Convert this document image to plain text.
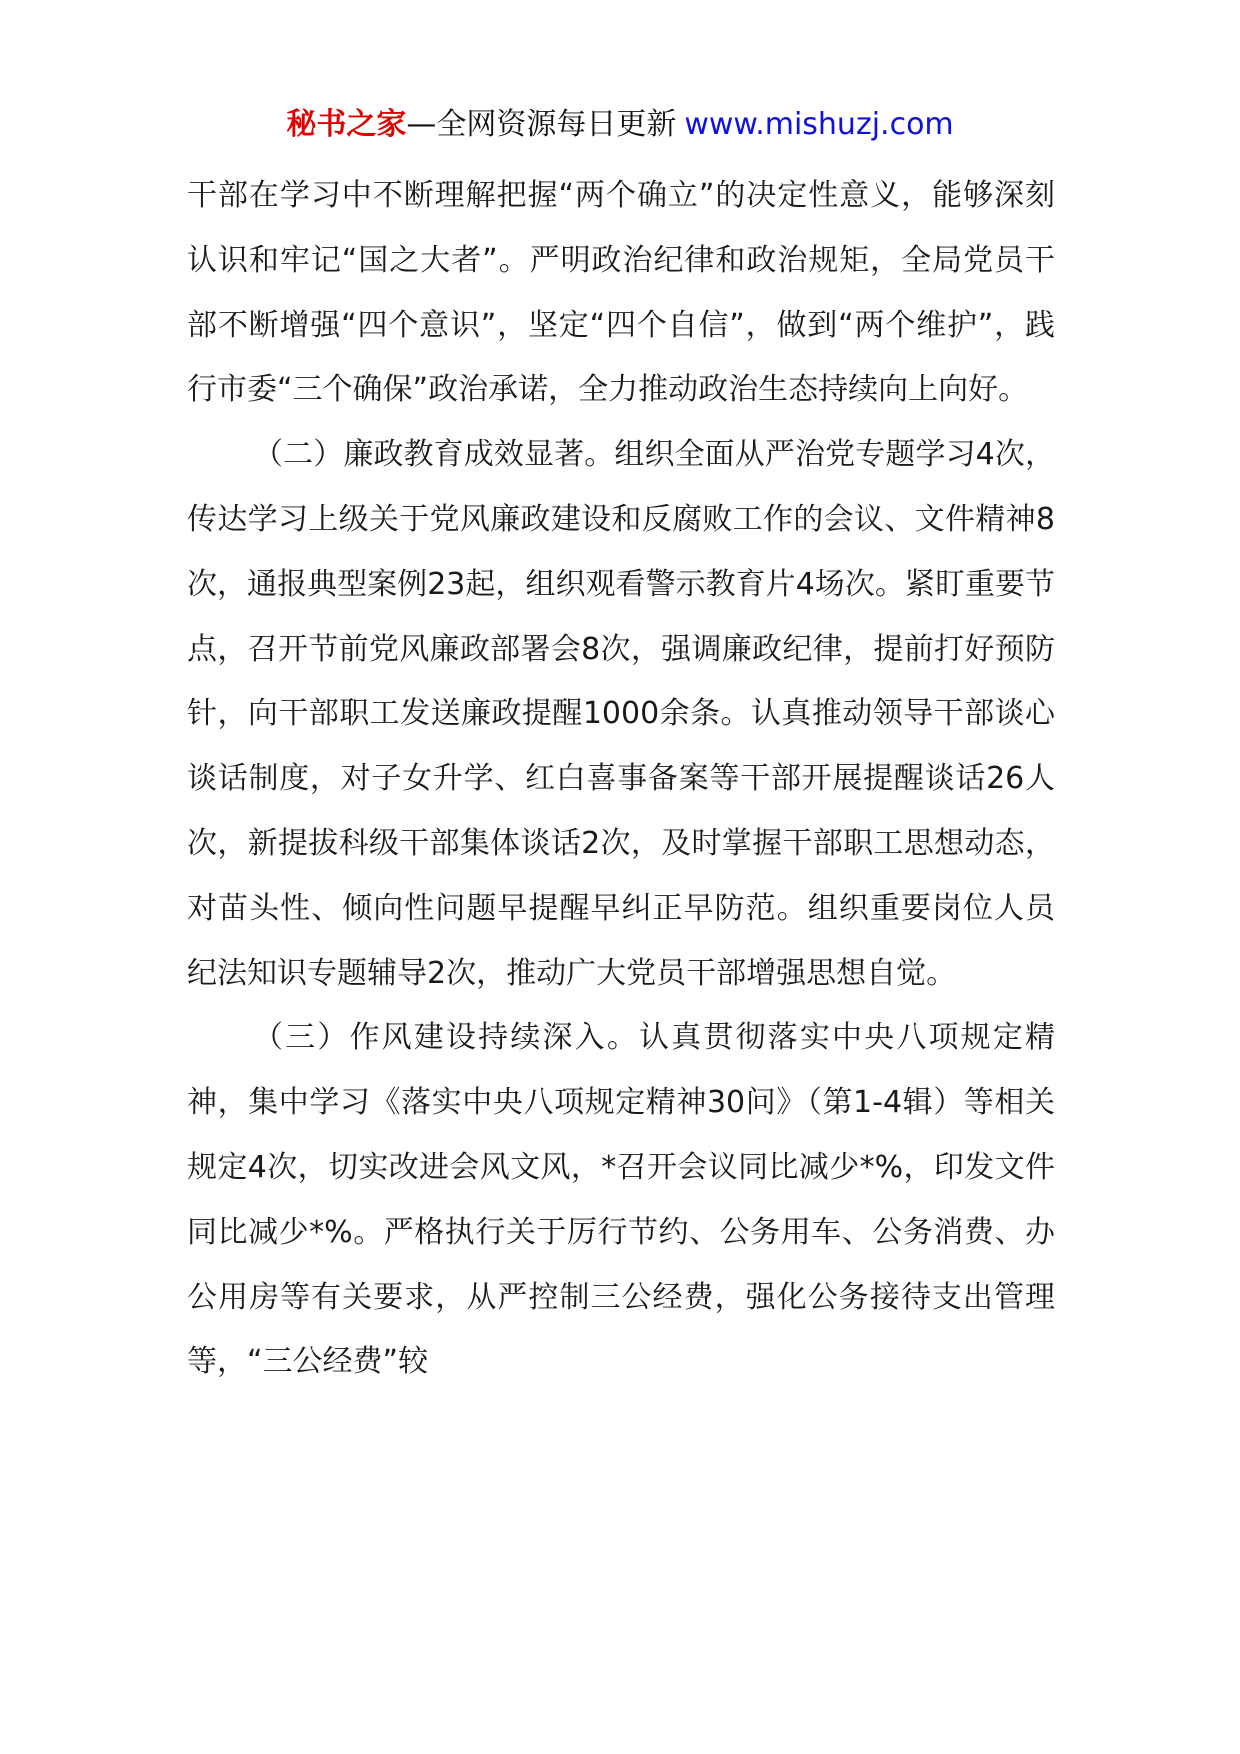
秘书之家—全网资源每日更新 www.mishuzj.com

干部在学习中不断理解把握“两个确立”的决定性意义，能够深刻认识和牢记“国之大者”。严明政治纪律和政治规矩，全局党员干部不断增强“四个意识”，坚定“四个自信”，做到“两个维护”，践行市委“三个确保”政治承诺，全力推动政治生态持续向上向好。

（二）廉政教育成效显著。组织全面从严治党专题学习4次，传达学习上级关于党风廉政建设和反腐败工作的会议、文件精神8次，通报典型案例23起，组织观看警示教育片4场次。紧盯重要节点，召开节前党风廉政部署会8次，强调廉政纪律，提前打好预防针，向干部职工发送廉政提醒1000余条。认真推动领导干部谈心谈话制度，对子女升学、红白喜事备案等干部开展提醒谈话26人次，新提拔科级干部集体谈话2次，及时掌握干部职工思想动态，对苗头性、倾向性问题早提醒早纠正早防范。组织重要岗位人员纪法知识专题辅导2次，推动广大党员干部增强思想自觉。

（三）作风建设持续深入。认真贯彻落实中央八项规定精神，集中学习《落实中央八项规定精神30问》（第1-4辑）等相关规定4次，切实改进会风文风，*召开会议同比减少*%，印发文件同比减少*%。严格执行关于厉行节约、公务用车、公务消费、办公用房等有关要求，从严控制三公经费，强化公务接待支出管理等，“三公经费”较
